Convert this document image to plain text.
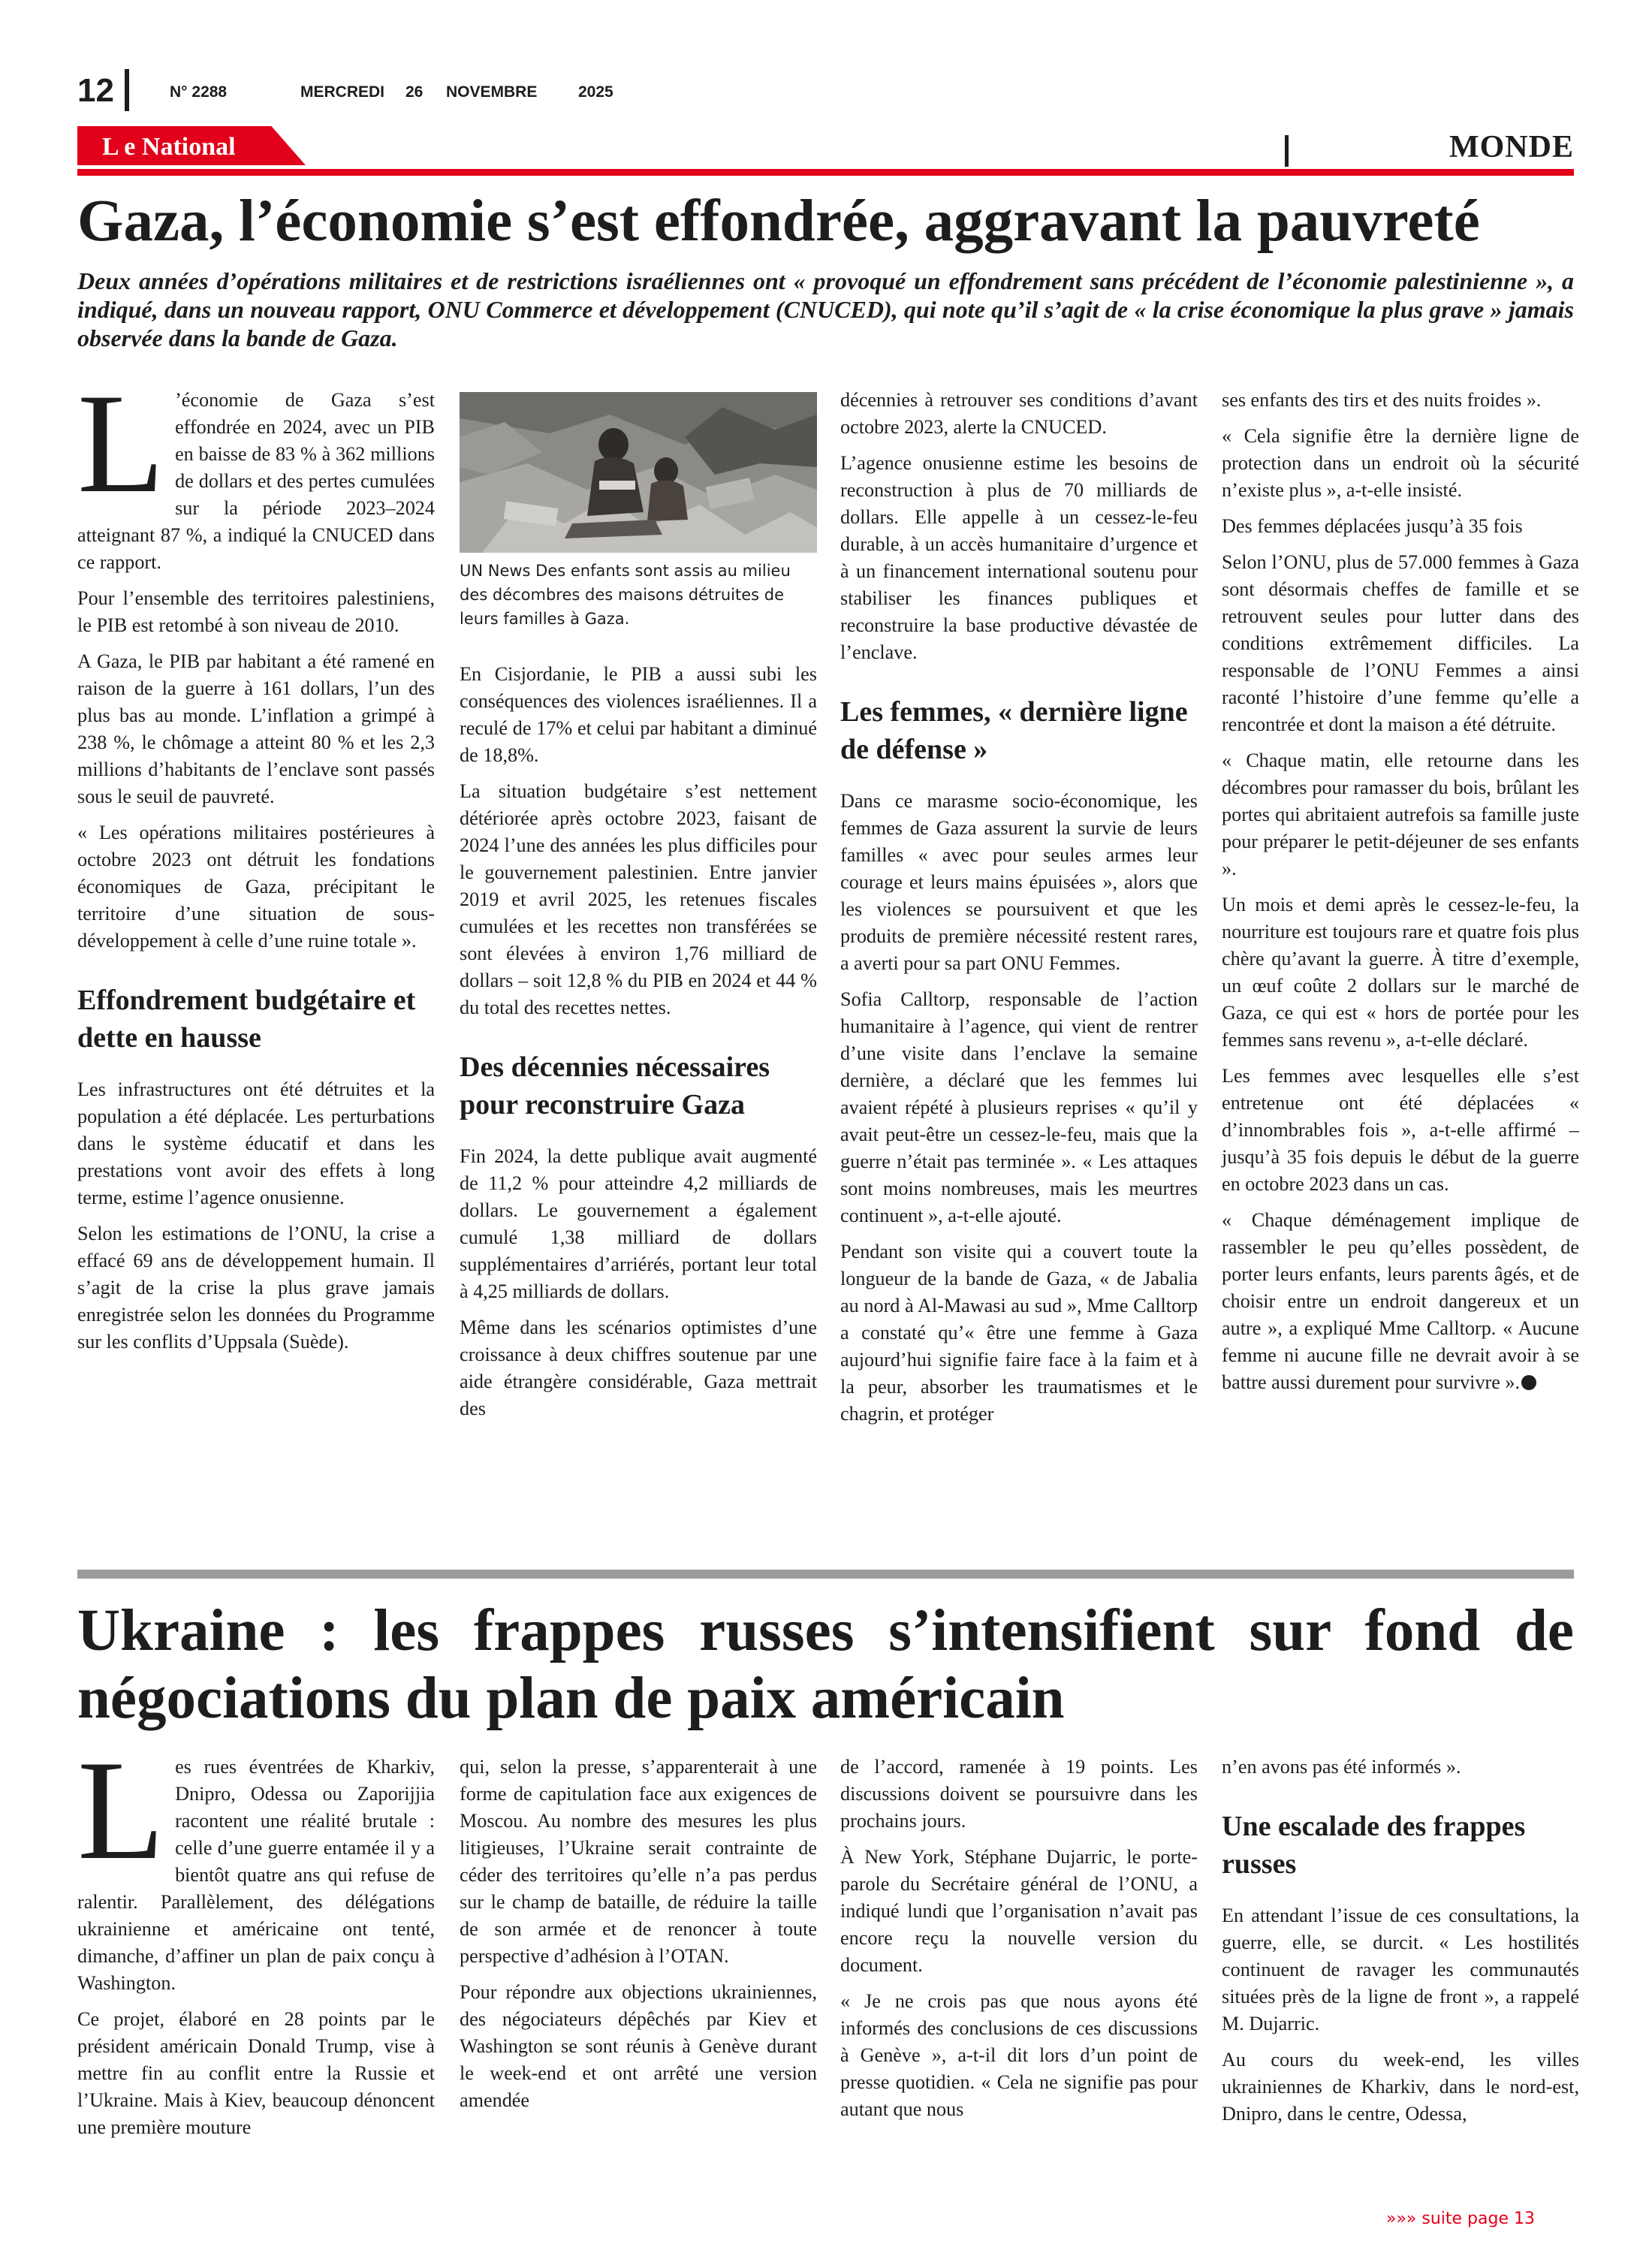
12	N° 2288	MERCREDI 26 NOVEMBRE	2025
L e National	MONDE
Gaza, l’économie s’est effondrée, aggravant la pauvreté

Deux années d’opérations militaires et de restrictions israéliennes ont « provoqué un effondrement sans précédent de l’économie palestinienne », a indiqué, dans un nouveau rapport, ONU Commerce et développement (CNUCED), qui note qu’il s’agit de « la crise économique la plus grave » jamais observée dans la bande de Gaza.

L ’économie de Gaza s’est effondrée en 2024, avec un PIB en baisse de 83 % à 362 millions de dollars et des pertes cumulées sur la période 2023–2024 atteignant 87 %, a indiqué la CNUCED dans ce rapport.

Pour l’ensemble des territoires palestiniens, le PIB est retombé à son niveau de 2010.

A Gaza, le PIB par habitant a été ramené en raison de la guerre à 161 dollars, l’un des plus bas au monde. L’inflation a grimpé à 238 %, le chômage a atteint 80 % et les 2,3 millions d’habitants de l’enclave sont passés sous le seuil de pauvreté.

« Les opérations militaires postérieures à octobre 2023 ont détruit les fondations économiques de Gaza, précipitant le territoire d’une situation de sous-développement à celle d’une ruine totale ».

Effondrement budgétaire et dette en hausse

Les infrastructures ont été détruites et la population a été déplacée. Les perturbations dans le système éducatif et dans les prestations vont avoir des effets à long terme, estime l’agence onusienne.

Selon les estimations de l’ONU, la crise a effacé 69 ans de développement humain. Il s’agit de la crise la plus grave jamais enregistrée selon les données du Programme sur les conflits d’Uppsala (Suède).

UN News Des enfants sont assis au milieu des décombres des maisons détruites de leurs familles à Gaza.

En Cisjordanie, le PIB a aussi subi les conséquences des violences israéliennes. Il a reculé de 17% et celui par habitant a diminué de 18,8%.

La situation budgétaire s’est nettement détériorée après octobre 2023, faisant de 2024 l’une des années les plus difficiles pour le gouvernement palestinien. Entre janvier 2019 et avril 2025, les retenues fiscales cumulées et les recettes non transférées se sont élevées à environ 1,76 milliard de dollars – soit 12,8 % du PIB en 2024 et 44 % du total des recettes nettes.

Des décennies nécessaires pour reconstruire Gaza

Fin 2024, la dette publique avait augmenté de 11,2 % pour atteindre 4,2 milliards de dollars. Le gouvernement a également cumulé 1,38 milliard de dollars supplémentaires d’arriérés, portant leur total à 4,25 milliards de dollars.

Même dans les scénarios optimistes d’une croissance à deux chiffres soutenue par une aide étrangère considérable, Gaza mettrait des

décennies à retrouver ses conditions d’avant octobre 2023, alerte la CNUCED.

L’agence onusienne estime les besoins de reconstruction à plus de 70 milliards de dollars. Elle appelle à un cessez-le-feu durable, à un accès humanitaire d’urgence et à un financement international soutenu pour stabiliser les finances publiques et reconstruire la base productive dévastée de l’enclave.

Les femmes, « dernière ligne de défense »

Dans ce marasme socio-économique, les femmes de Gaza assurent la survie de leurs familles « avec pour seules armes leur courage et leurs mains épuisées », alors que les violences se poursuivent et que les produits de première nécessité restent rares, a averti pour sa part ONU Femmes.

Sofia Calltorp, responsable de l’action humanitaire à l’agence, qui vient de rentrer d’une visite dans l’enclave la semaine dernière, a déclaré que les femmes lui avaient répété à plusieurs reprises « qu’il y avait peut-être un cessez-le-feu, mais que la guerre n’était pas terminée ». « Les attaques sont moins nombreuses, mais les meurtres continuent », a-t-elle ajouté.

Pendant son visite qui a couvert toute la longueur de la bande de Gaza, « de Jabalia au nord à Al-Mawasi au sud », Mme Calltorp a constaté qu’« être une femme à Gaza aujourd’hui signifie faire face à la faim et à la peur, absorber les traumatismes et le chagrin, et protéger

ses enfants des tirs et des nuits froides ».

« Cela signifie être la dernière ligne de protection dans un endroit où la sécurité n’existe plus », a-t-elle insisté.

Des femmes déplacées jusqu’à 35 fois

Selon l’ONU, plus de 57.000 femmes à Gaza sont désormais cheffes de famille et se retrouvent seules pour lutter dans des conditions extrêmement difficiles. La responsable de l’ONU Femmes a ainsi raconté l’histoire d’une femme qu’elle a rencontrée et dont la maison a été détruite.

« Chaque matin, elle retourne dans les décombres pour ramasser du bois, brûlant les portes qui abritaient autrefois sa famille juste pour préparer le petit-déjeuner de ses enfants ».

Un mois et demi après le cessez-le-feu, la nourriture est toujours rare et quatre fois plus chère qu’avant la guerre. À titre d’exemple, un œuf coûte 2 dollars sur le marché de Gaza, ce qui est « hors de portée pour les femmes sans revenu », a-t-elle déclaré.

Les femmes avec lesquelles elle s’est entretenue ont été déplacées « d’innombrables fois », a-t-elle affirmé – jusqu’à 35 fois depuis le début de la guerre en octobre 2023 dans un cas.

« Chaque déménagement implique de rassembler le peu qu’elles possèdent, de porter leurs enfants, leurs parents âgés, et de choisir entre un endroit dangereux et un autre », a expliqué Mme Calltorp. « Aucune femme ni aucune fille ne devrait avoir à se battre aussi durement pour survivre ».

Ukraine : les frappes russes s’intensifient sur fond de négociations du plan de paix américain

Les rues éventrées de Kharkiv, Dnipro, Odessa ou Zaporijjia racontent une réalité brutale : celle d’une guerre entamée il y a bientôt quatre ans qui refuse de ralentir. Parallèlement, des délégations ukrainienne et américaine ont tenté, dimanche, d’affiner un plan de paix conçu à Washington.

Ce projet, élaboré en 28 points par le président américain Donald Trump, vise à mettre fin au conflit entre la Russie et l’Ukraine. Mais à Kiev, beaucoup dénoncent une première mouture

qui, selon la presse, s’apparenterait à une forme de capitulation face aux exigences de Moscou. Au nombre des mesures les plus litigieuses, l’Ukraine serait contrainte de céder des territoires qu’elle n’a pas perdus sur le champ de bataille, de réduire la taille de son armée et de renoncer à toute perspective d’adhésion à l’OTAN.

Pour répondre aux objections ukrainiennes, des négociateurs dépêchés par Kiev et Washington se sont réunis à Genève durant le week-end et ont arrêté une version amendée

de l’accord, ramenée à 19 points. Les discussions doivent se poursuivre dans les prochains jours.

À New York, Stéphane Dujarric, le porte-parole du Secrétaire général de l’ONU, a indiqué lundi que l’organisation n’avait pas encore reçu la nouvelle version du document.

« Je ne crois pas que nous ayons été informés des conclusions de ces discussions à Genève », a-t-il dit lors d’un point de presse quotidien. « Cela ne signifie pas pour autant que nous

n’en avons pas été informés ».

Une escalade des frappes russes

En attendant l’issue de ces consultations, la guerre, elle, se durcit. « Les hostilités continuent de ravager les communautés situées près de la ligne de front », a rappelé M. Dujarric.

Au cours du week-end, les villes ukrainiennes de Kharkiv, dans le nord-est, Dnipro, dans le centre, Odessa,

»»» suite page 13
